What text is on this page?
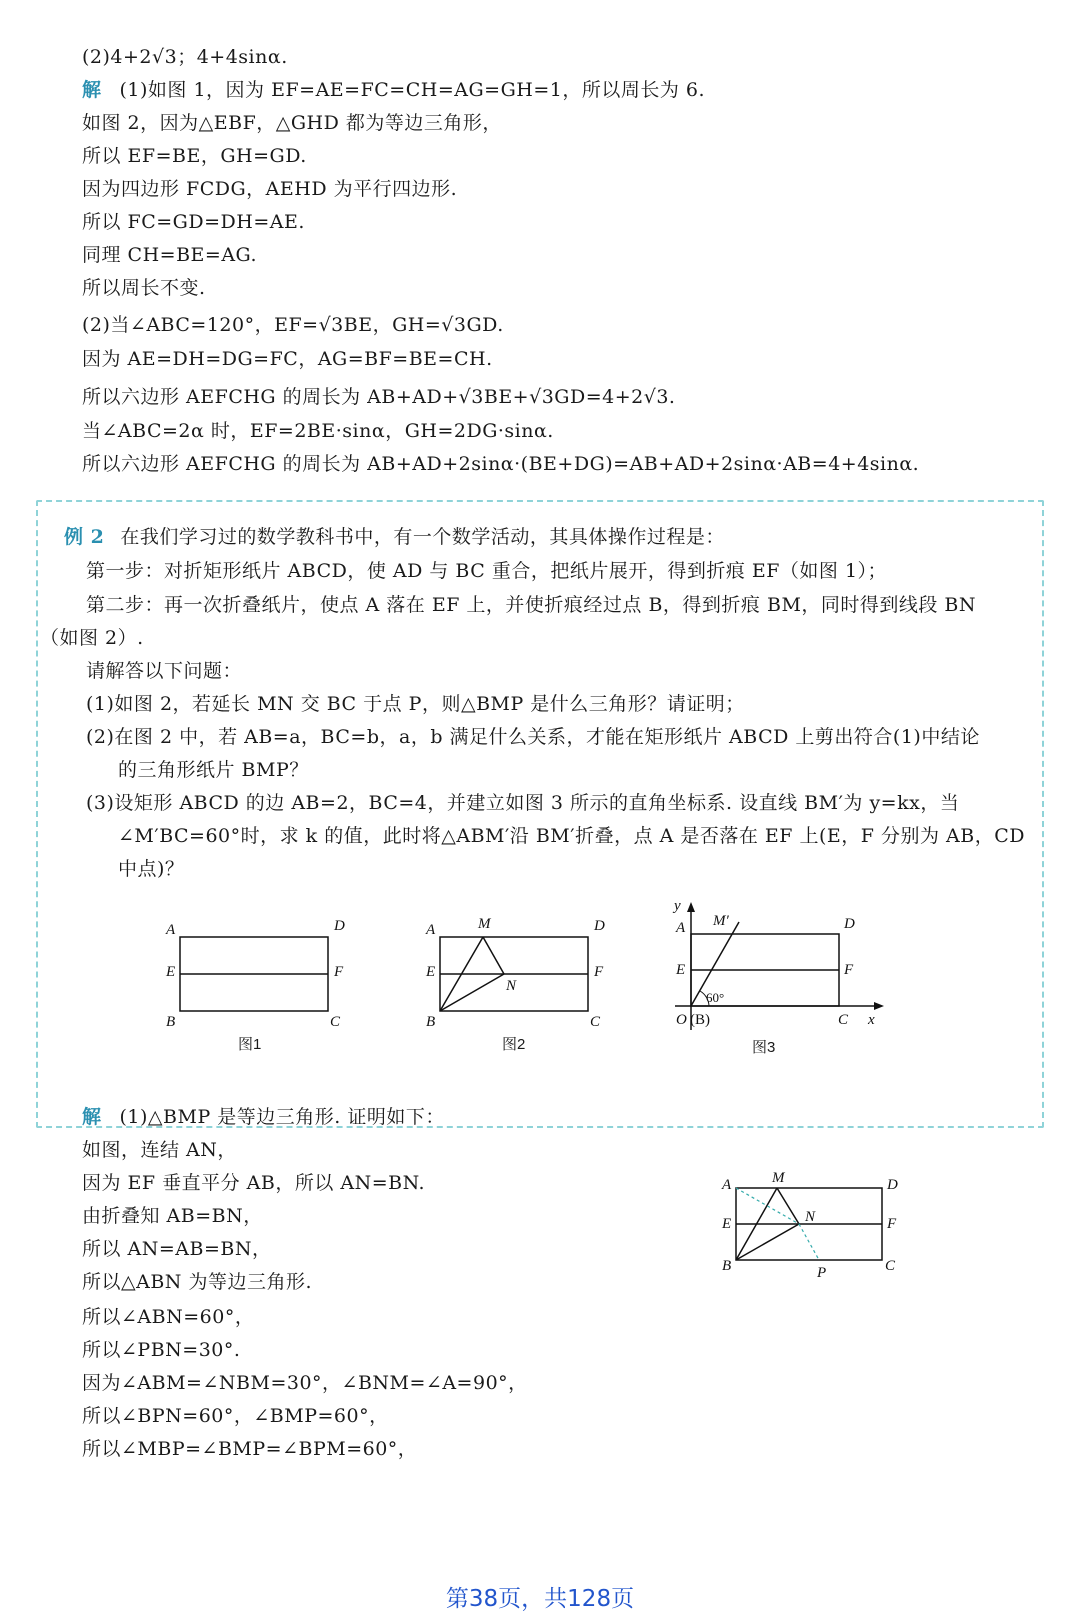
(2)4+2√3；4+4sinα.
解 (1)如图 1，因为 EF=AE=FC=CH=AG=GH=1，所以周长为 6.
如图 2，因为△EBF，△GHD 都为等边三角形，
所以 EF=BE，GH=GD.
因为四边形 FCDG，AEHD 为平行四边形.
所以 FC=GD=DH=AE.
同理 CH=BE=AG.
所以周长不变.
(2)当∠ABC=120°，EF=√3BE，GH=√3GD.
因为 AE=DH=DG=FC，AG=BF=BE=CH.
所以六边形 AEFCHG 的周长为 AB+AD+√3BE+√3GD=4+2√3.
当∠ABC=2α 时，EF=2BE·sinα，GH=2DG·sinα.
所以六边形 AEFCHG 的周长为 AB+AD+2sinα·(BE+DG)=AB+AD+2sinα·AB=4+4sinα.
例 2 在我们学习过的数学教科书中，有一个数学活动，其具体操作过程是：
第一步：对折矩形纸片 ABCD，使 AD 与 BC 重合，把纸片展开，得到折痕 EF（如图 1）；
第二步：再一次折叠纸片，使点 A 落在 EF 上，并使折痕经过点 B，得到折痕 BM，同时得到线段 BN
（如图 2）.
请解答以下问题：
(1)如图 2，若延长 MN 交 BC 于点 P，则△BMP 是什么三角形？请证明；
(2)在图 2 中，若 AB=a，BC=b，a，b 满足什么关系，才能在矩形纸片 ABCD 上剪出符合(1)中结论
的三角形纸片 BMP？
(3)设矩形 ABCD 的边 AB=2，BC=4，并建立如图 3 所示的直角坐标系. 设直线 BM′为 y=kx，当
∠M′BC=60°时，求 k 的值，此时将△ABM′沿 BM′折叠，点 A 是否落在 EF 上(E，F 分别为 AB，CD
中点)？
A
E
B
D
F
C
A
E
B
M
N
D
F
C
y
A
E
O (B)
M′
60°
D
F
C x
图1	图2	图3
解 (1)△BMP 是等边三角形. 证明如下：
如图，连结 AN，
因为 EF 垂直平分 AB，所以 AN=BN.
由折叠知 AB=BN，
所以 AN=AB=BN，
所以△ABN 为等边三角形.
所以∠ABN=60°，
所以∠PBN=30°.
因为∠ABM=∠NBM=30°，∠BNM=∠A=90°，
所以∠BPN=60°，∠BMP=60°，
所以∠MBP=∠BMP=∠BPM=60°，
A
E
B
M
N
P
D
F
C
第38页，共128页
